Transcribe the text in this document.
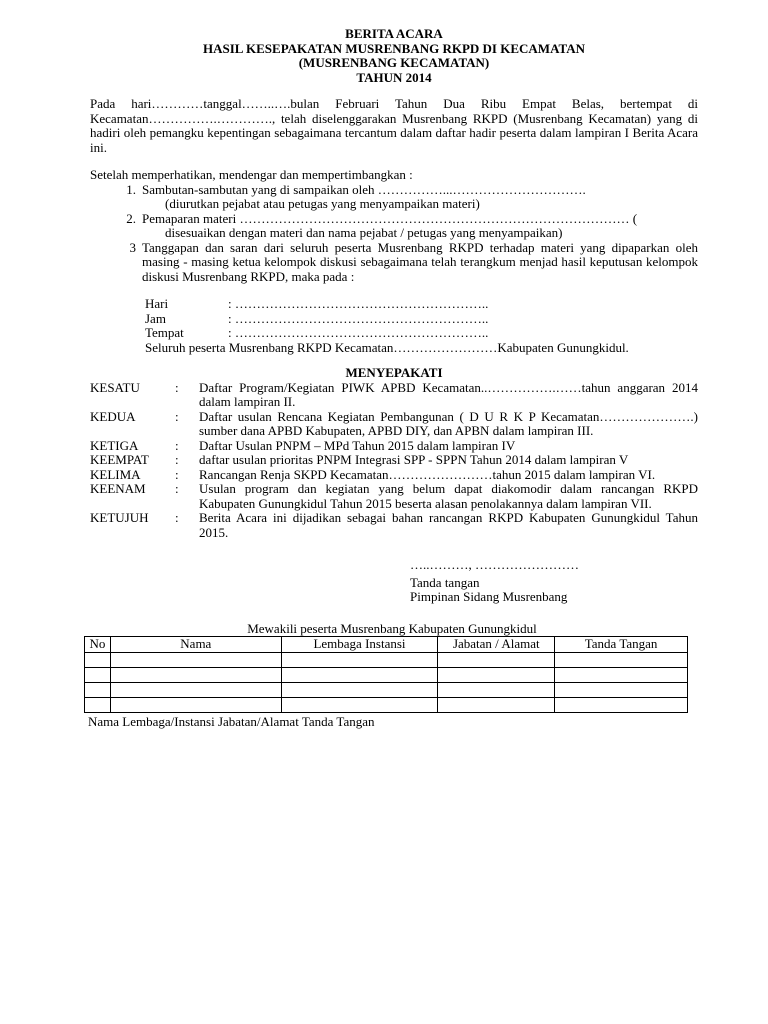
BERITA ACARA
HASIL KESEPAKATAN MUSRENBANG RKPD DI KECAMATAN
(MUSRENBANG KECAMATAN)
TAHUN 2014
Pada hari…………tanggal……..….bulan Februari Tahun Dua Ribu Empat Belas, bertempat di Kecamatan…………….…………., telah diselenggarakan Musrenbang RKPD (Musrenbang Kecamatan) yang di hadiri oleh pemangku kepentingan sebagaimana tercantum dalam daftar hadir peserta dalam lampiran I Berita Acara ini.
Setelah memperhatikan, mendengar dan mempertimbangkan :
1. Sambutan-sambutan yang di sampaikan oleh ……………...………………………….
(diurutkan pejabat atau petugas yang menyampaikan materi)
2. Pemaparan materi ……………………………………………………………………………… (
disesuaikan dengan materi dan nama pejabat / petugas yang menyampaikan)
3 Tanggapan dan saran dari seluruh peserta Musrenbang RKPD terhadap materi yang dipaparkan oleh masing - masing ketua kelompok diskusi sebagaimana telah terangkum menjad hasil keputusan kelompok diskusi Musrenbang RKPD, maka pada :
Hari	: …………………………………………………..
Jam	: …………………………………………………..
Tempat	: …………………………………………………..
Seluruh peserta Musrenbang RKPD Kecamatan……………………Kabupaten Gunungkidul.
MENYEPAKATI
KESATU	:	Daftar Program/Kegiatan PIWK APBD Kecamatan..…………….……tahun anggaran 2014 dalam lampiran II.
KEDUA	:	Daftar usulan Rencana Kegiatan Pembangunan ( D U R K P Kecamatan………………….) sumber dana APBD Kabupaten, APBD DIY, dan APBN dalam lampiran III.
KETIGA	:	Daftar Usulan PNPM – MPd Tahun 2015 dalam lampiran IV
KEEMPAT	:	daftar usulan prioritas PNPM Integrasi SPP - SPPN Tahun 2014 dalam lampiran V
KELIMA	:	Rancangan Renja SKPD Kecamatan……………………tahun 2015 dalam lampiran VI.
KEENAM	:	Usulan program dan kegiatan yang belum dapat diakomodir dalam rancangan RKPD Kabupaten Gunungkidul Tahun 2015 beserta alasan penolakannya dalam lampiran VII.
KETUJUH	:	Berita Acara ini dijadikan sebagai bahan rancangan RKPD Kabupaten Gunungkidul Tahun 2015.
…..………, ……………………
Tanda tangan
Pimpinan Sidang Musrenbang
Mewakili peserta Musrenbang Kabupaten Gunungkidul
No	Nama	Lembaga Instansi	Jabatan / Alamat	Tanda Tangan

Nama Lembaga/Instansi Jabatan/Alamat Tanda Tangan
